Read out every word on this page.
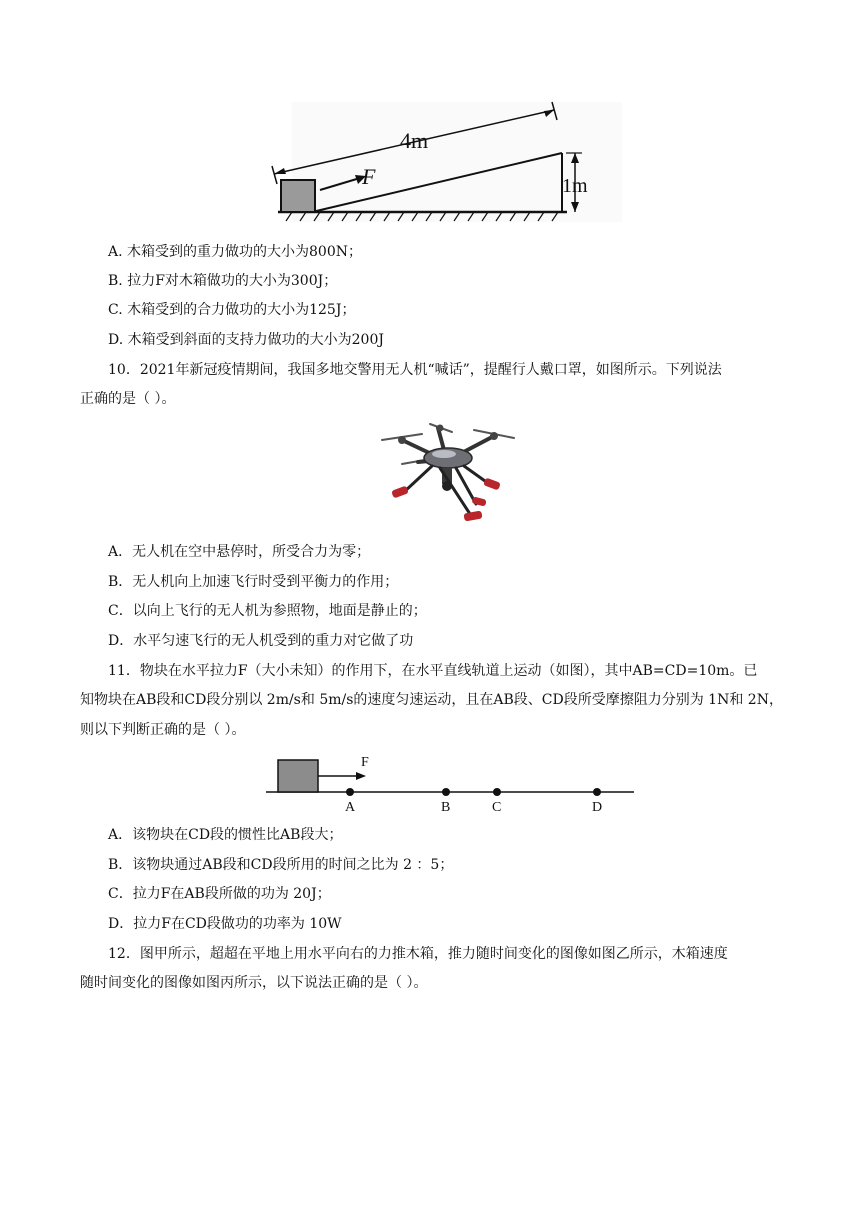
4m
F	1m
A. 木箱受到的重力做功的大小为800N；
B. 拉力F对木箱做功的大小为300J；
C. 木箱受到的合力做功的大小为125J；
D. 木箱受到斜面的支持力做功的大小为200J
10．2021年新冠疫情期间，我国多地交警用无人机“喊话”，提醒行人戴口罩，如图所示。下列说法
正确的是（ ）。
A．无人机在空中悬停时，所受合力为零；
B．无人机向上加速飞行时受到平衡力的作用；
C．以向上飞行的无人机为参照物，地面是静止的；
D．水平匀速飞行的无人机受到的重力对它做了功
11．物块在水平拉力F（大小未知）的作用下，在水平直线轨道上运动（如图），其中AB=CD=10m。已
知物块在AB段和CD段分别以 2m/s和 5m/s的速度匀速运动，且在AB段、CD段所受摩擦阻力分别为 1N和 2N，
则以下判断正确的是（ ）。
F
A	B	C	D
A．该物块在CD段的惯性比AB段大；
B．该物块通过AB段和CD段所用的时间之比为 2 ：5；
C．拉力F在AB段所做的功为 20J；
D．拉力F在CD段做功的功率为 10W
12．图甲所示，超超在平地上用水平向右的力推木箱，推力随时间变化的图像如图乙所示，木箱速度
随时间变化的图像如图丙所示，以下说法正确的是（ ）。
